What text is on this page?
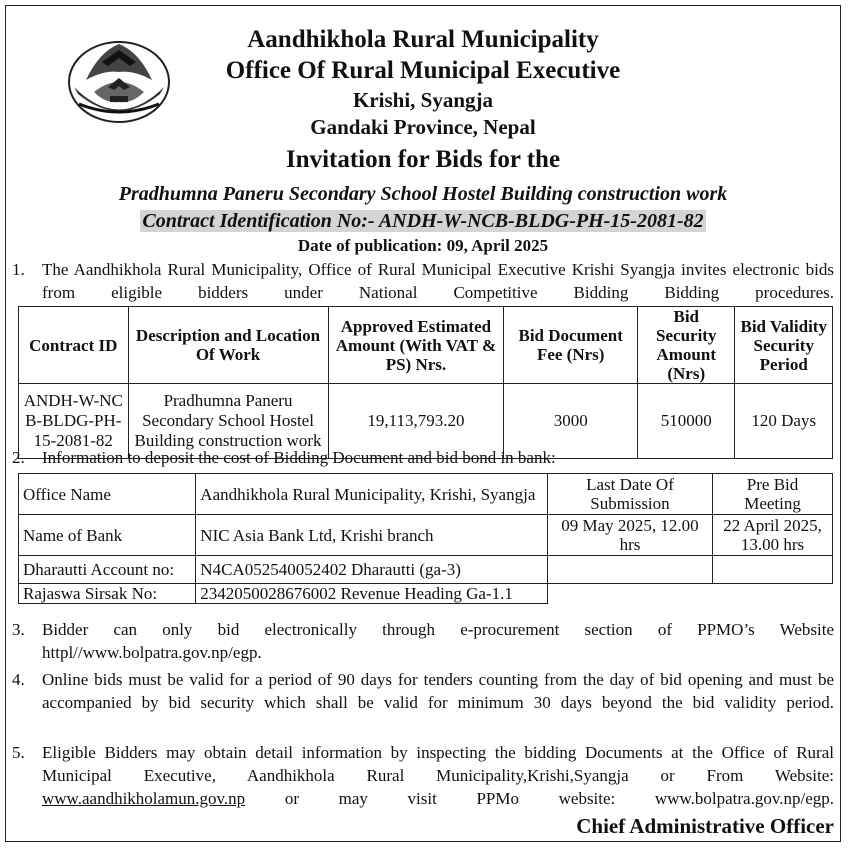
Aandhikhola Rural Municipality
Office Of Rural Municipal Executive
Krishi, Syangja
Gandaki Province, Nepal
Invitation for Bids for the
Pradhumna Paneru Secondary School Hostel Building construction work
Contract Identification No:- ANDH-W-NCB-BLDG-PH-15-2081-82
Date of publication: 09, April 2025
1. The Aandhikhola Rural Municipality, Office of Rural Municipal Executive Krishi Syangja invites electronic bids from eligible bidders under National Competitive Bidding Bidding procedures.
Contract ID	Description and Location Of Work	Approved Estimated Amount (With VAT & PS) Nrs.	Bid Document Fee (Nrs)	Bid Security Amount (Nrs)	Bid Validity Security Period
ANDH-W-NCB-BLDG-PH-15-2081-82	Pradhumna Paneru Secondary School Hostel Building construction work	19,113,793.20	3000	510000	120 Days
2. Information to deposit the cost of Bidding Document and bid bond in bank:
Office Name	Aandhikhola Rural Municipality, Krishi, Syangja	Last Date Of Submission	Pre Bid Meeting
Name of Bank	NIC Asia Bank Ltd, Krishi branch	09 May 2025, 12.00 hrs	22 April 2025, 13.00 hrs
Dharautti Account no:	N4CA052540052402 Dharautti (ga-3)		
Rajaswa Sirsak No:	2342050028676002 Revenue Heading Ga-1.1		
3. Bidder can only bid electronically through e-procurement section of PPMO’s Website httpl//www.bolpatra.gov.np/egp.
4. Online bids must be valid for a period of 90 days for tenders counting from the day of bid opening and must be accompanied by bid security which shall be valid for minimum 30 days beyond the bid validity period.
5. Eligible Bidders may obtain detail information by inspecting the bidding Documents at the Office of Rural Municipal Executive, Aandhikhola Rural Municipality,Krishi,Syangja or From Website: www.aandhikholamun.gov.np or may visit PPMo website: www.bolpatra.gov.np/egp.
Chief Administrative Officer
